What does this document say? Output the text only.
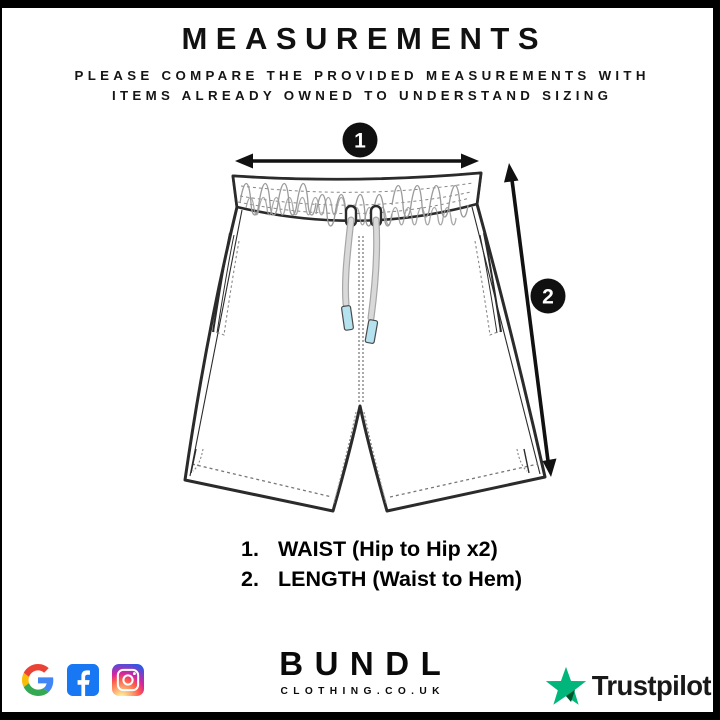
MEASUREMENTS
PLEASE COMPARE THE PROVIDED MEASUREMENTS WITH
ITEMS ALREADY OWNED TO UNDERSTAND SIZING
1
2
1. WAIST (Hip to Hip x2)
2. LENGTH (Waist to Hem)
BUNDL
CLOTHING.CO.UK	Trustpilot
